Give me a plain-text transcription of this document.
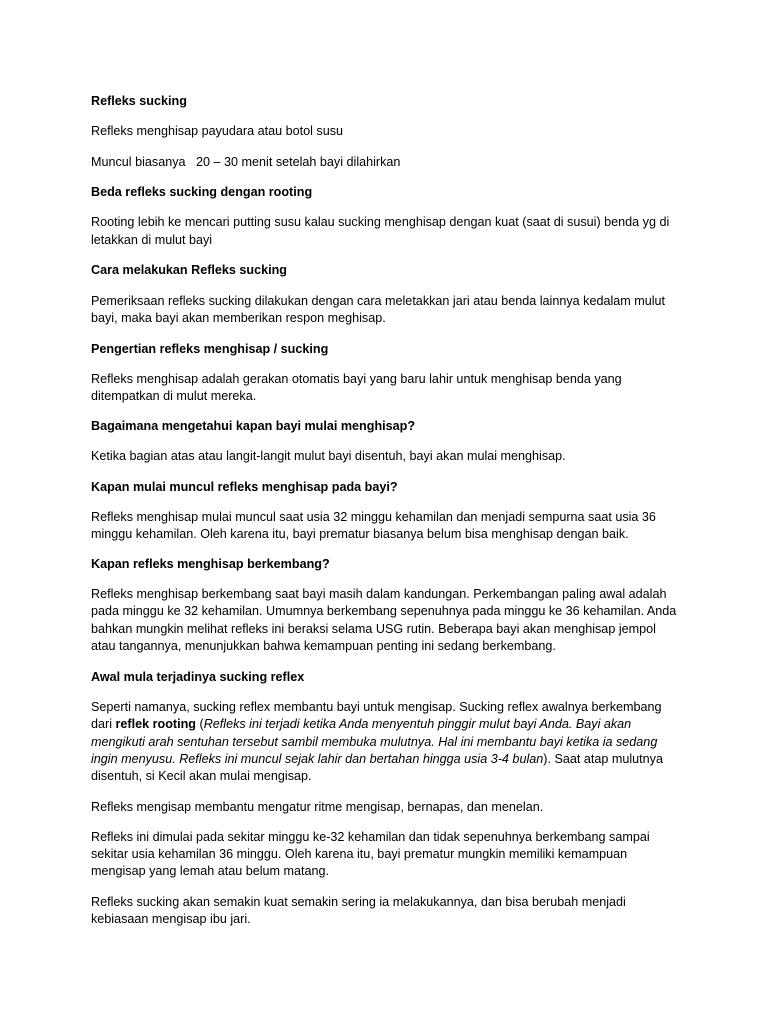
Refleks sucking
Refleks menghisap payudara atau botol susu
Muncul biasanya   20 – 30 menit setelah bayi dilahirkan
Beda refleks sucking dengan rooting
Rooting lebih ke mencari putting susu kalau sucking menghisap dengan kuat (saat di susui) benda yg di
letakkan di mulut bayi
Cara melakukan Refleks sucking
Pemeriksaan refleks sucking dilakukan dengan cara meletakkan jari atau benda lainnya kedalam mulut
bayi, maka bayi akan memberikan respon meghisap.
Pengertian refleks menghisap / sucking
Refleks menghisap adalah gerakan otomatis bayi yang baru lahir untuk menghisap benda yang
ditempatkan di mulut mereka.
Bagaimana mengetahui kapan bayi mulai menghisap?
Ketika bagian atas atau langit-langit mulut bayi disentuh, bayi akan mulai menghisap.
Kapan mulai muncul refleks menghisap pada bayi?
Refleks menghisap mulai muncul saat usia 32 minggu kehamilan dan menjadi sempurna saat usia 36
minggu kehamilan. Oleh karena itu, bayi prematur biasanya belum bisa menghisap dengan baik.
Kapan refleks menghisap berkembang?
Refleks menghisap berkembang saat bayi masih dalam kandungan. Perkembangan paling awal adalah
pada minggu ke 32 kehamilan. Umumnya berkembang sepenuhnya pada minggu ke 36 kehamilan. Anda
bahkan mungkin melihat refleks ini beraksi selama USG rutin. Beberapa bayi akan menghisap jempol
atau tangannya, menunjukkan bahwa kemampuan penting ini sedang berkembang.
Awal mula terjadinya sucking reflex
Seperti namanya, sucking reflex membantu bayi untuk mengisap. Sucking reflex awalnya berkembang
dari reflek rooting (Refleks ini terjadi ketika Anda menyentuh pinggir mulut bayi Anda. Bayi akan
mengikuti arah sentuhan tersebut sambil membuka mulutnya. Hal ini membantu bayi ketika ia sedang
ingin menyusu. Refleks ini muncul sejak lahir dan bertahan hingga usia 3-4 bulan). Saat atap mulutnya
disentuh, si Kecil akan mulai mengisap.
Refleks mengisap membantu mengatur ritme mengisap, bernapas, dan menelan.
Refleks ini dimulai pada sekitar minggu ke-32 kehamilan dan tidak sepenuhnya berkembang sampai
sekitar usia kehamilan 36 minggu. Oleh karena itu, bayi prematur mungkin memiliki kemampuan
mengisap yang lemah atau belum matang.
Refleks sucking akan semakin kuat semakin sering ia melakukannya, dan bisa berubah menjadi
kebiasaan mengisap ibu jari.
